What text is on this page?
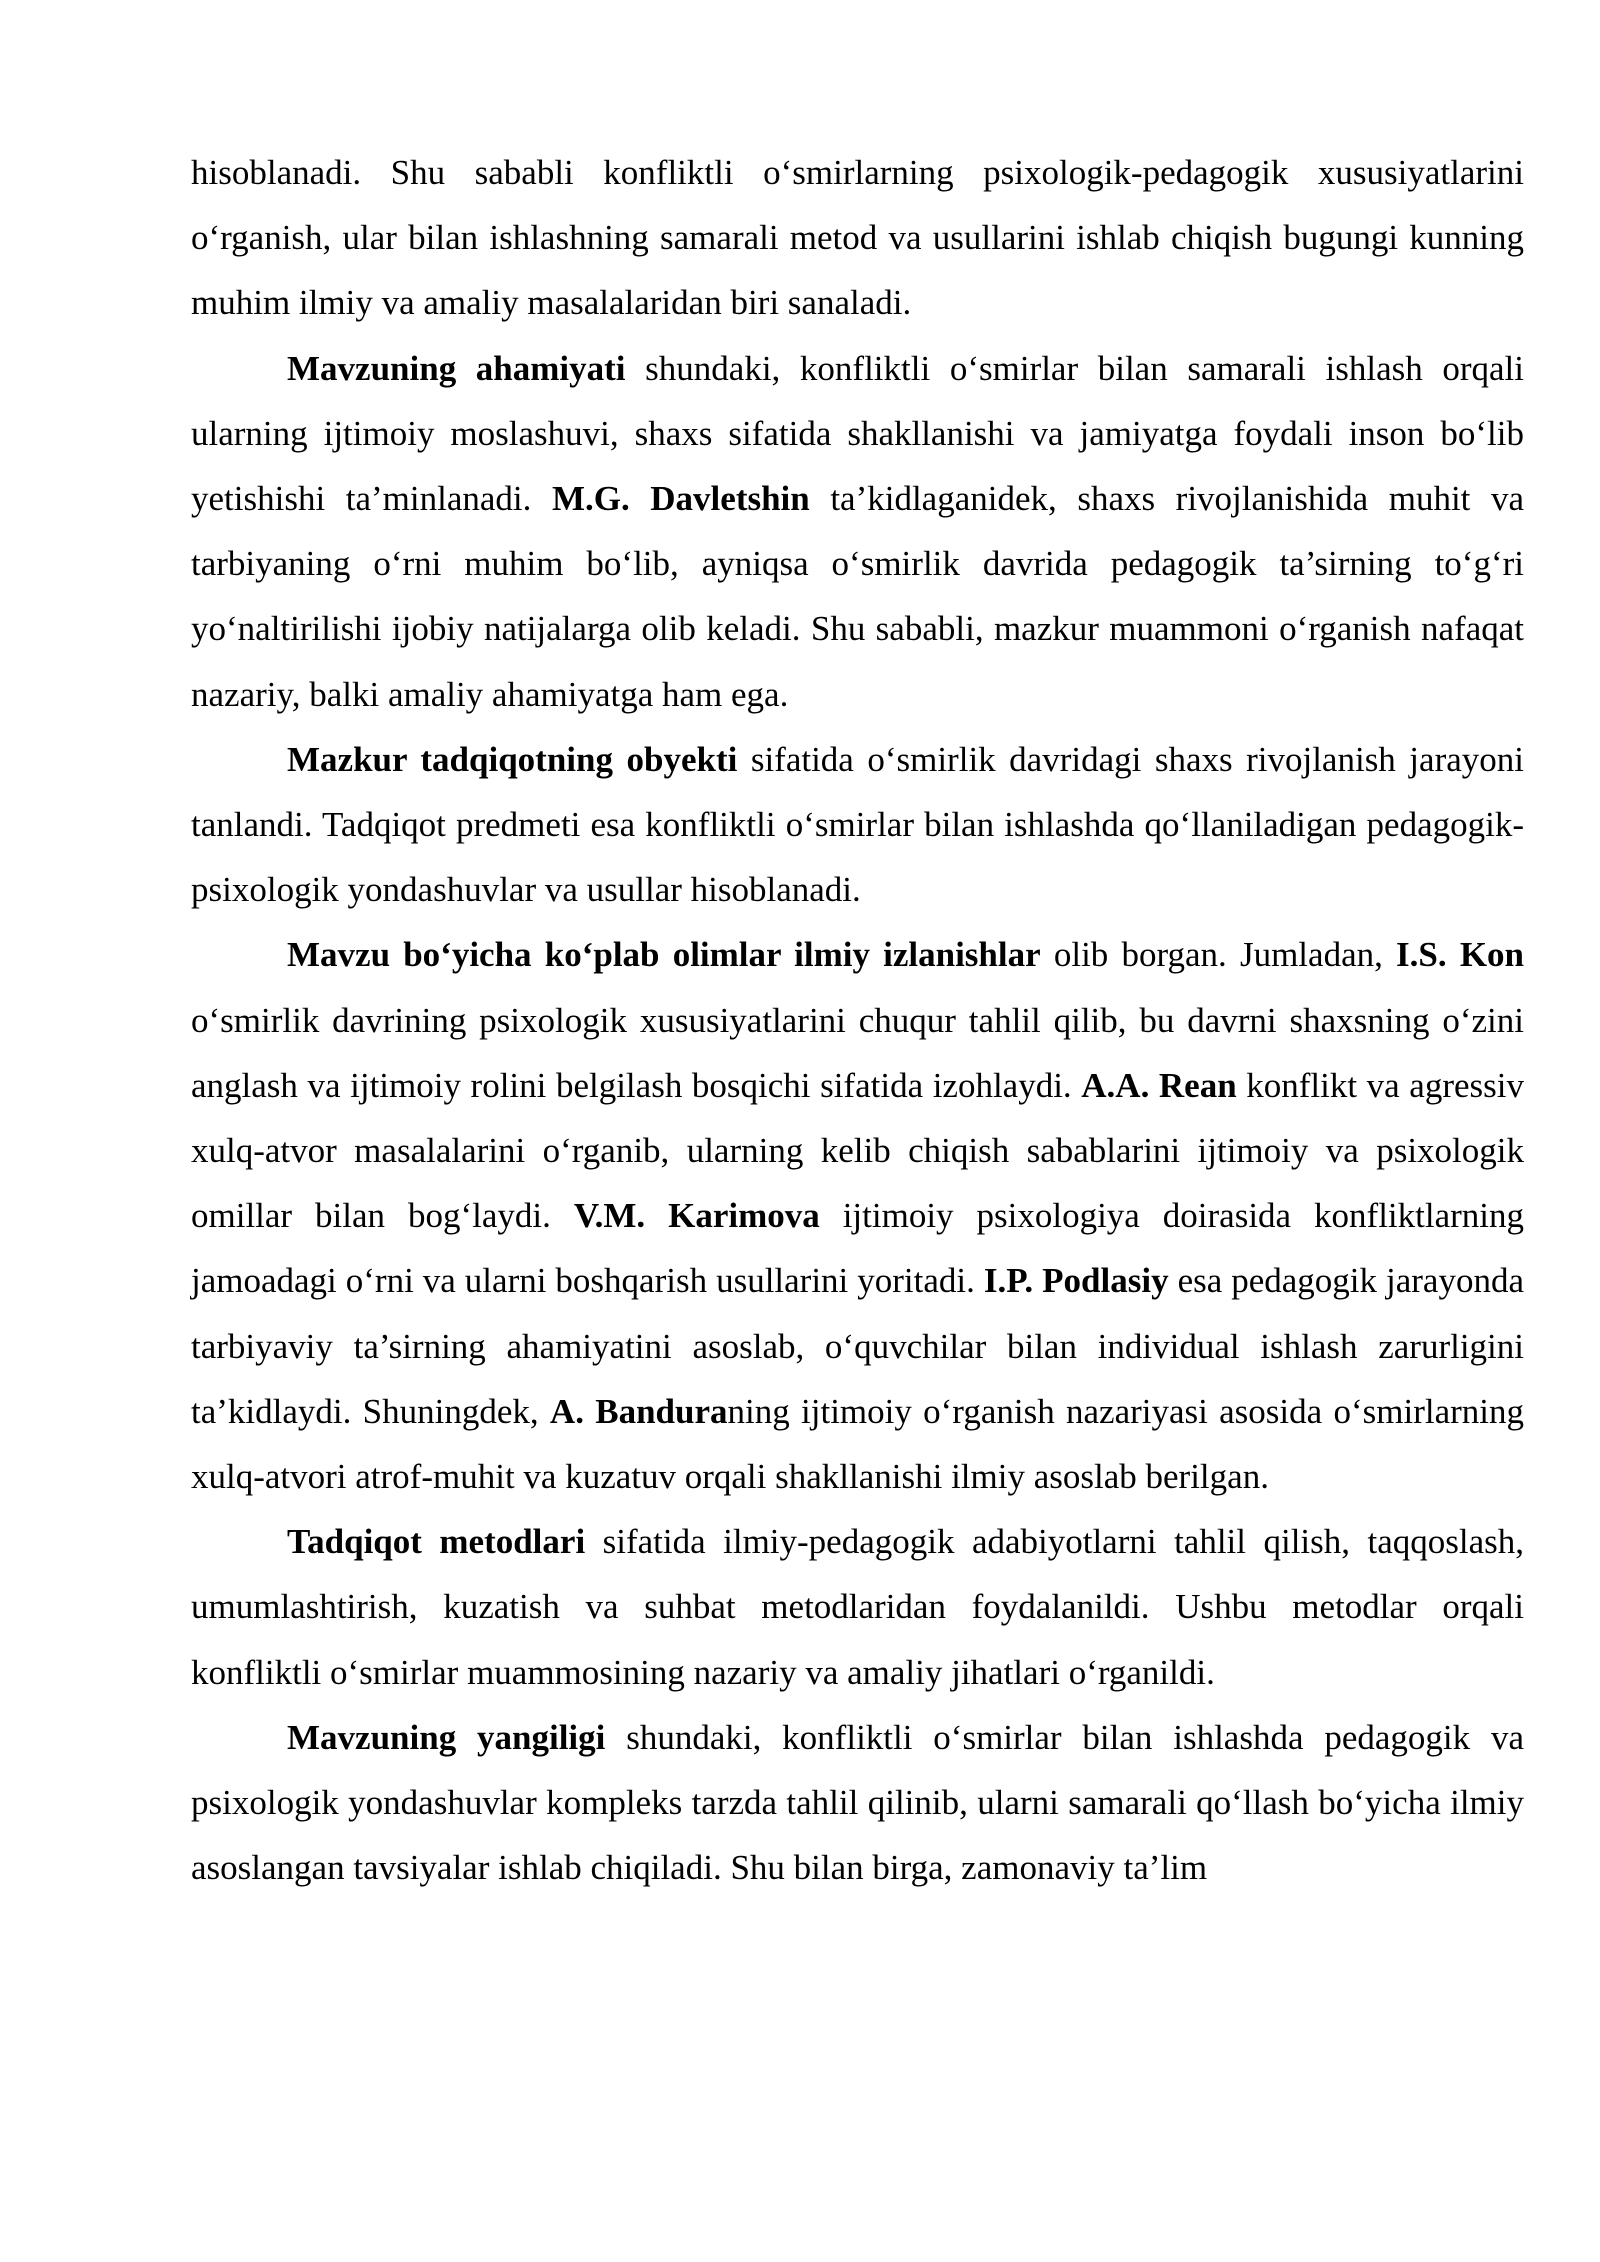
hisoblanadi. Shu sababli konfliktli o‘smirlarning psixologik-pedagogik xususiyatlarini o‘rganish, ular bilan ishlashning samarali metod va usullarini ishlab chiqish bugungi kunning muhim ilmiy va amaliy masalalaridan biri sanaladi.

Mavzuning ahamiyati shundaki, konfliktli o‘smirlar bilan samarali ishlash orqali ularning ijtimoiy moslashuvi, shaxs sifatida shakllanishi va jamiyatga foydali inson bo‘lib yetishishi ta’minlanadi. M.G. Davletshin ta’kidlaganidek, shaxs rivojlanishida muhit va tarbiyaning o‘rni muhim bo‘lib, ayniqsa o‘smirlik davrida pedagogik ta’sirning to‘g‘ri yo‘naltirilishi ijobiy natijalarga olib keladi. Shu sababli, mazkur muammoni o‘rganish nafaqat nazariy, balki amaliy ahamiyatga ham ega.

Mazkur tadqiqotning obyekti sifatida o‘smirlik davridagi shaxs rivojlanish jarayoni tanlandi. Tadqiqot predmeti esa konfliktli o‘smirlar bilan ishlashda qo‘llaniladigan pedagogik-psixologik yondashuvlar va usullar hisoblanadi.

Mavzu bo‘yicha ko‘plab olimlar ilmiy izlanishlar olib borgan. Jumladan, I.S. Kon o‘smirlik davrining psixologik xususiyatlarini chuqur tahlil qilib, bu davrni shaxsning o‘zini anglash va ijtimoiy rolini belgilash bosqichi sifatida izohlaydi. A.A. Rean konflikt va agressiv xulq-atvor masalalarini o‘rganib, ularning kelib chiqish sabablarini ijtimoiy va psixologik omillar bilan bog‘laydi. V.M. Karimova ijtimoiy psixologiya doirasida konfliktlarning jamoadagi o‘rni va ularni boshqarish usullarini yoritadi. I.P. Podlasiy esa pedagogik jarayonda tarbiyaviy ta’sirning ahamiyatini asoslab, o‘quvchilar bilan individual ishlash zarurligini ta’kidlaydi. Shuningdek, A. Banduraning ijtimoiy o‘rganish nazariyasi asosida o‘smirlarning xulq-atvori atrof-muhit va kuzatuv orqali shakllanishi ilmiy asoslab berilgan.

Tadqiqot metodlari sifatida ilmiy-pedagogik adabiyotlarni tahlil qilish, taqqoslash, umumlashtirish, kuzatish va suhbat metodlaridan foydalanildi. Ushbu metodlar orqali konfliktli o‘smirlar muammosining nazariy va amaliy jihatlari o‘rganildi.

Mavzuning yangiligi shundaki, konfliktli o‘smirlar bilan ishlashda pedagogik va psixologik yondashuvlar kompleks tarzda tahlil qilinib, ularni samarali qo‘llash bo‘yicha ilmiy asoslangan tavsiyalar ishlab chiqiladi. Shu bilan birga, zamonaviy ta’lim
